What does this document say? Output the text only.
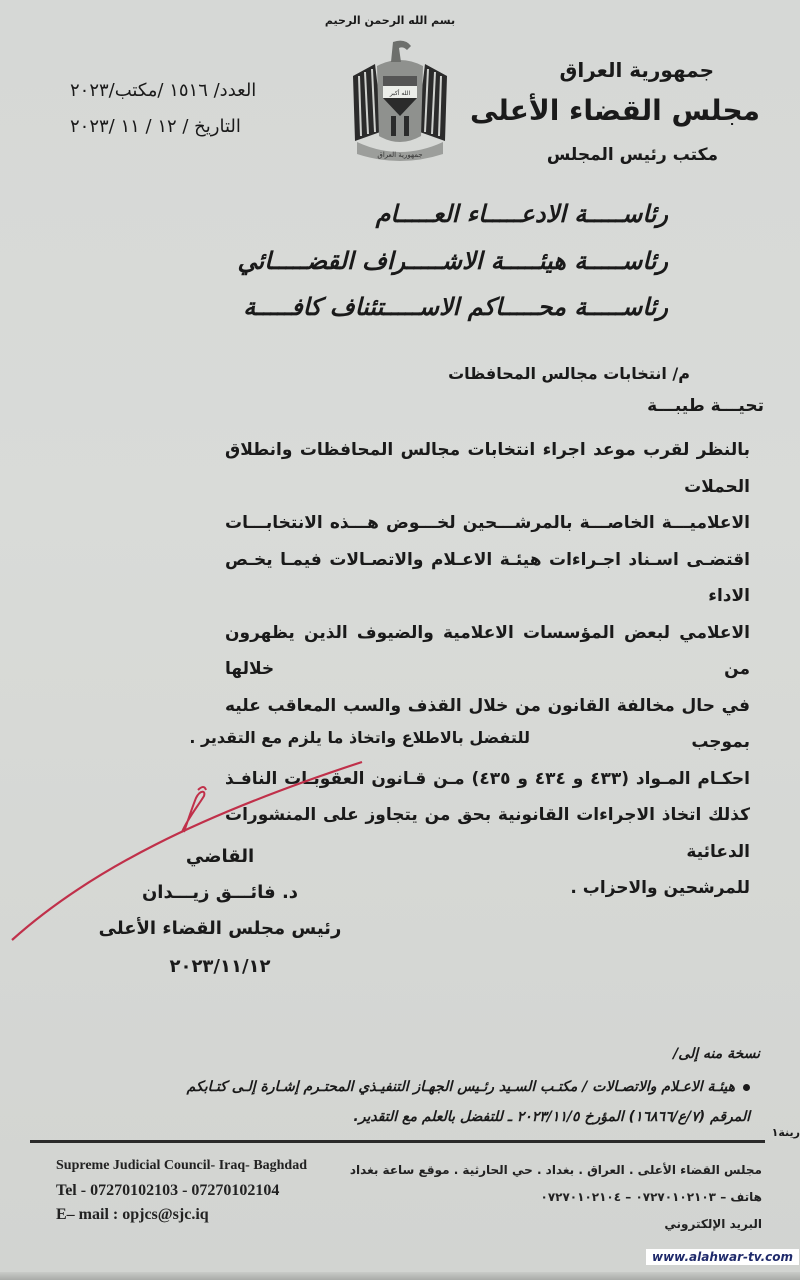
بسم الله الرحمن الرحيم
الله أكبر
جمهورية العراق
جمهورية العراق
مجلس القضاء الأعلى
مكتب رئيس المجلس
العدد/ ١٥١٦ /مكتب/٢٠٢٣
التاريخ / ١٢ / ١١ /٢٠٢٣
رئاســـــة الادعـــــاء العـــــام
رئاســـــة هيئـــــة الاشـــــراف القضـــــائي
رئاســـــة محـــــاكم الاســـــتئناف كافـــــة
م/ انتخابات مجالس المحافظات
تحيـــة طيبـــة

بالنظر لقرب موعد اجراء انتخابات مجالس المحافظات وانطلاق الحملات

الاعلاميـــة الخاصـــة بالمرشـــحين لخـــوض هـــذه الانتخابـــات

اقتضـى اسـناد اجـراءات هيئـة الاعـلام والاتصـالات فيمـا يخـص الاداء

الاعلامي لبعض المؤسسات الاعلامية والضيوف الذين يظهرون من خلالها

في حال مخالفة القانون من خلال القذف والسب المعاقب عليه بموجب

احكـام المـواد (٤٣٣ و ٤٣٤ و ٤٣٥) مـن قـانون العقوبـات النافـذ

كذلك اتخاذ الاجراءات القانونية بحق من يتجاوز على المنشورات الدعائية

للمرشحين والاحزاب .

للتفضل بالاطلاع واتخاذ ما يلزم مع التقدير .
القاضي
د. فائـــق زيـــدان
رئيس مجلس القضاء الأعلى
٢٠٢٣/١١/١٢
نسخة منه إلى/
هيئـة الاعـلام والاتصـالات / مكتـب السـيد رئـيس الجهـاز التنفيـذي المحتـرم إشـارة إلـى كتـابكم
المرقم (٧/ع/١٦٨٦٦) المؤرخ ٢٠٢٣/١١/٥ ـ للتفضل بالعلم مع التقدير.
رينة١
Supreme Judicial Council- Iraq- Baghdad
Tel - 07270102103 - 07270102104
E– mail : opjcs@sjc.iq
مجلس القضاء الأعلى . العراق . بغداد . حي الحارثية . موقع ساعة بغداد
هاتف – ٠٧٢٧٠١٠٢١٠٣ – ٠٧٢٧٠١٠٢١٠٤
البريد الإلكتروني
www.alahwar-tv.com
